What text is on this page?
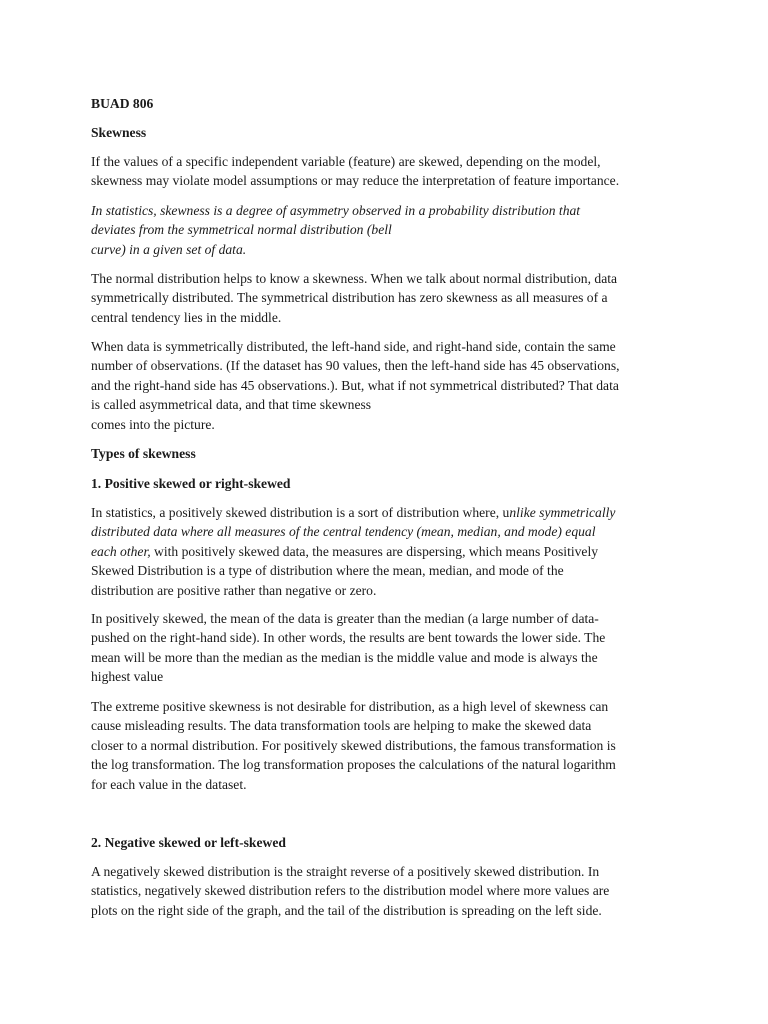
BUAD 806
Skewness
If the values of a specific independent variable (feature) are skewed, depending on the model,
skewness may violate model assumptions or may reduce the interpretation of feature importance.
In statistics, skewness is a degree of asymmetry observed in a probability distribution that
deviates from the symmetrical normal distribution (bell
curve) in a given set of data.
The normal distribution helps to know a skewness. When we talk about normal distribution, data
symmetrically distributed. The symmetrical distribution has zero skewness as all measures of a
central tendency lies in the middle.
When data is symmetrically distributed, the left-hand side, and right-hand side, contain the same
number of observations. (If the dataset has 90 values, then the left-hand side has 45 observations,
and the right-hand side has 45 observations.). But, what if not symmetrical distributed? That data
is called asymmetrical data, and that time skewness
comes into the picture.
Types of skewness
1. Positive skewed or right-skewed
In statistics, a positively skewed distribution is a sort of distribution where, unlike symmetrically
distributed data where all measures of the central tendency (mean, median, and mode) equal
each other, with positively skewed data, the measures are dispersing, which means Positively
Skewed Distribution is a type of distribution where the mean, median, and mode of the
distribution are positive rather than negative or zero.
In positively skewed, the mean of the data is greater than the median (a large number of data-
pushed on the right-hand side). In other words, the results are bent towards the lower side. The
mean will be more than the median as the median is the middle value and mode is always the
highest value
The extreme positive skewness is not desirable for distribution, as a high level of skewness can
cause misleading results. The data transformation tools are helping to make the skewed data
closer to a normal distribution. For positively skewed distributions, the famous transformation is
the log transformation. The log transformation proposes the calculations of the natural logarithm
for each value in the dataset.
2. Negative skewed or left-skewed
A negatively skewed distribution is the straight reverse of a positively skewed distribution. In
statistics, negatively skewed distribution refers to the distribution model where more values are
plots on the right side of the graph, and the tail of the distribution is spreading on the left side.
